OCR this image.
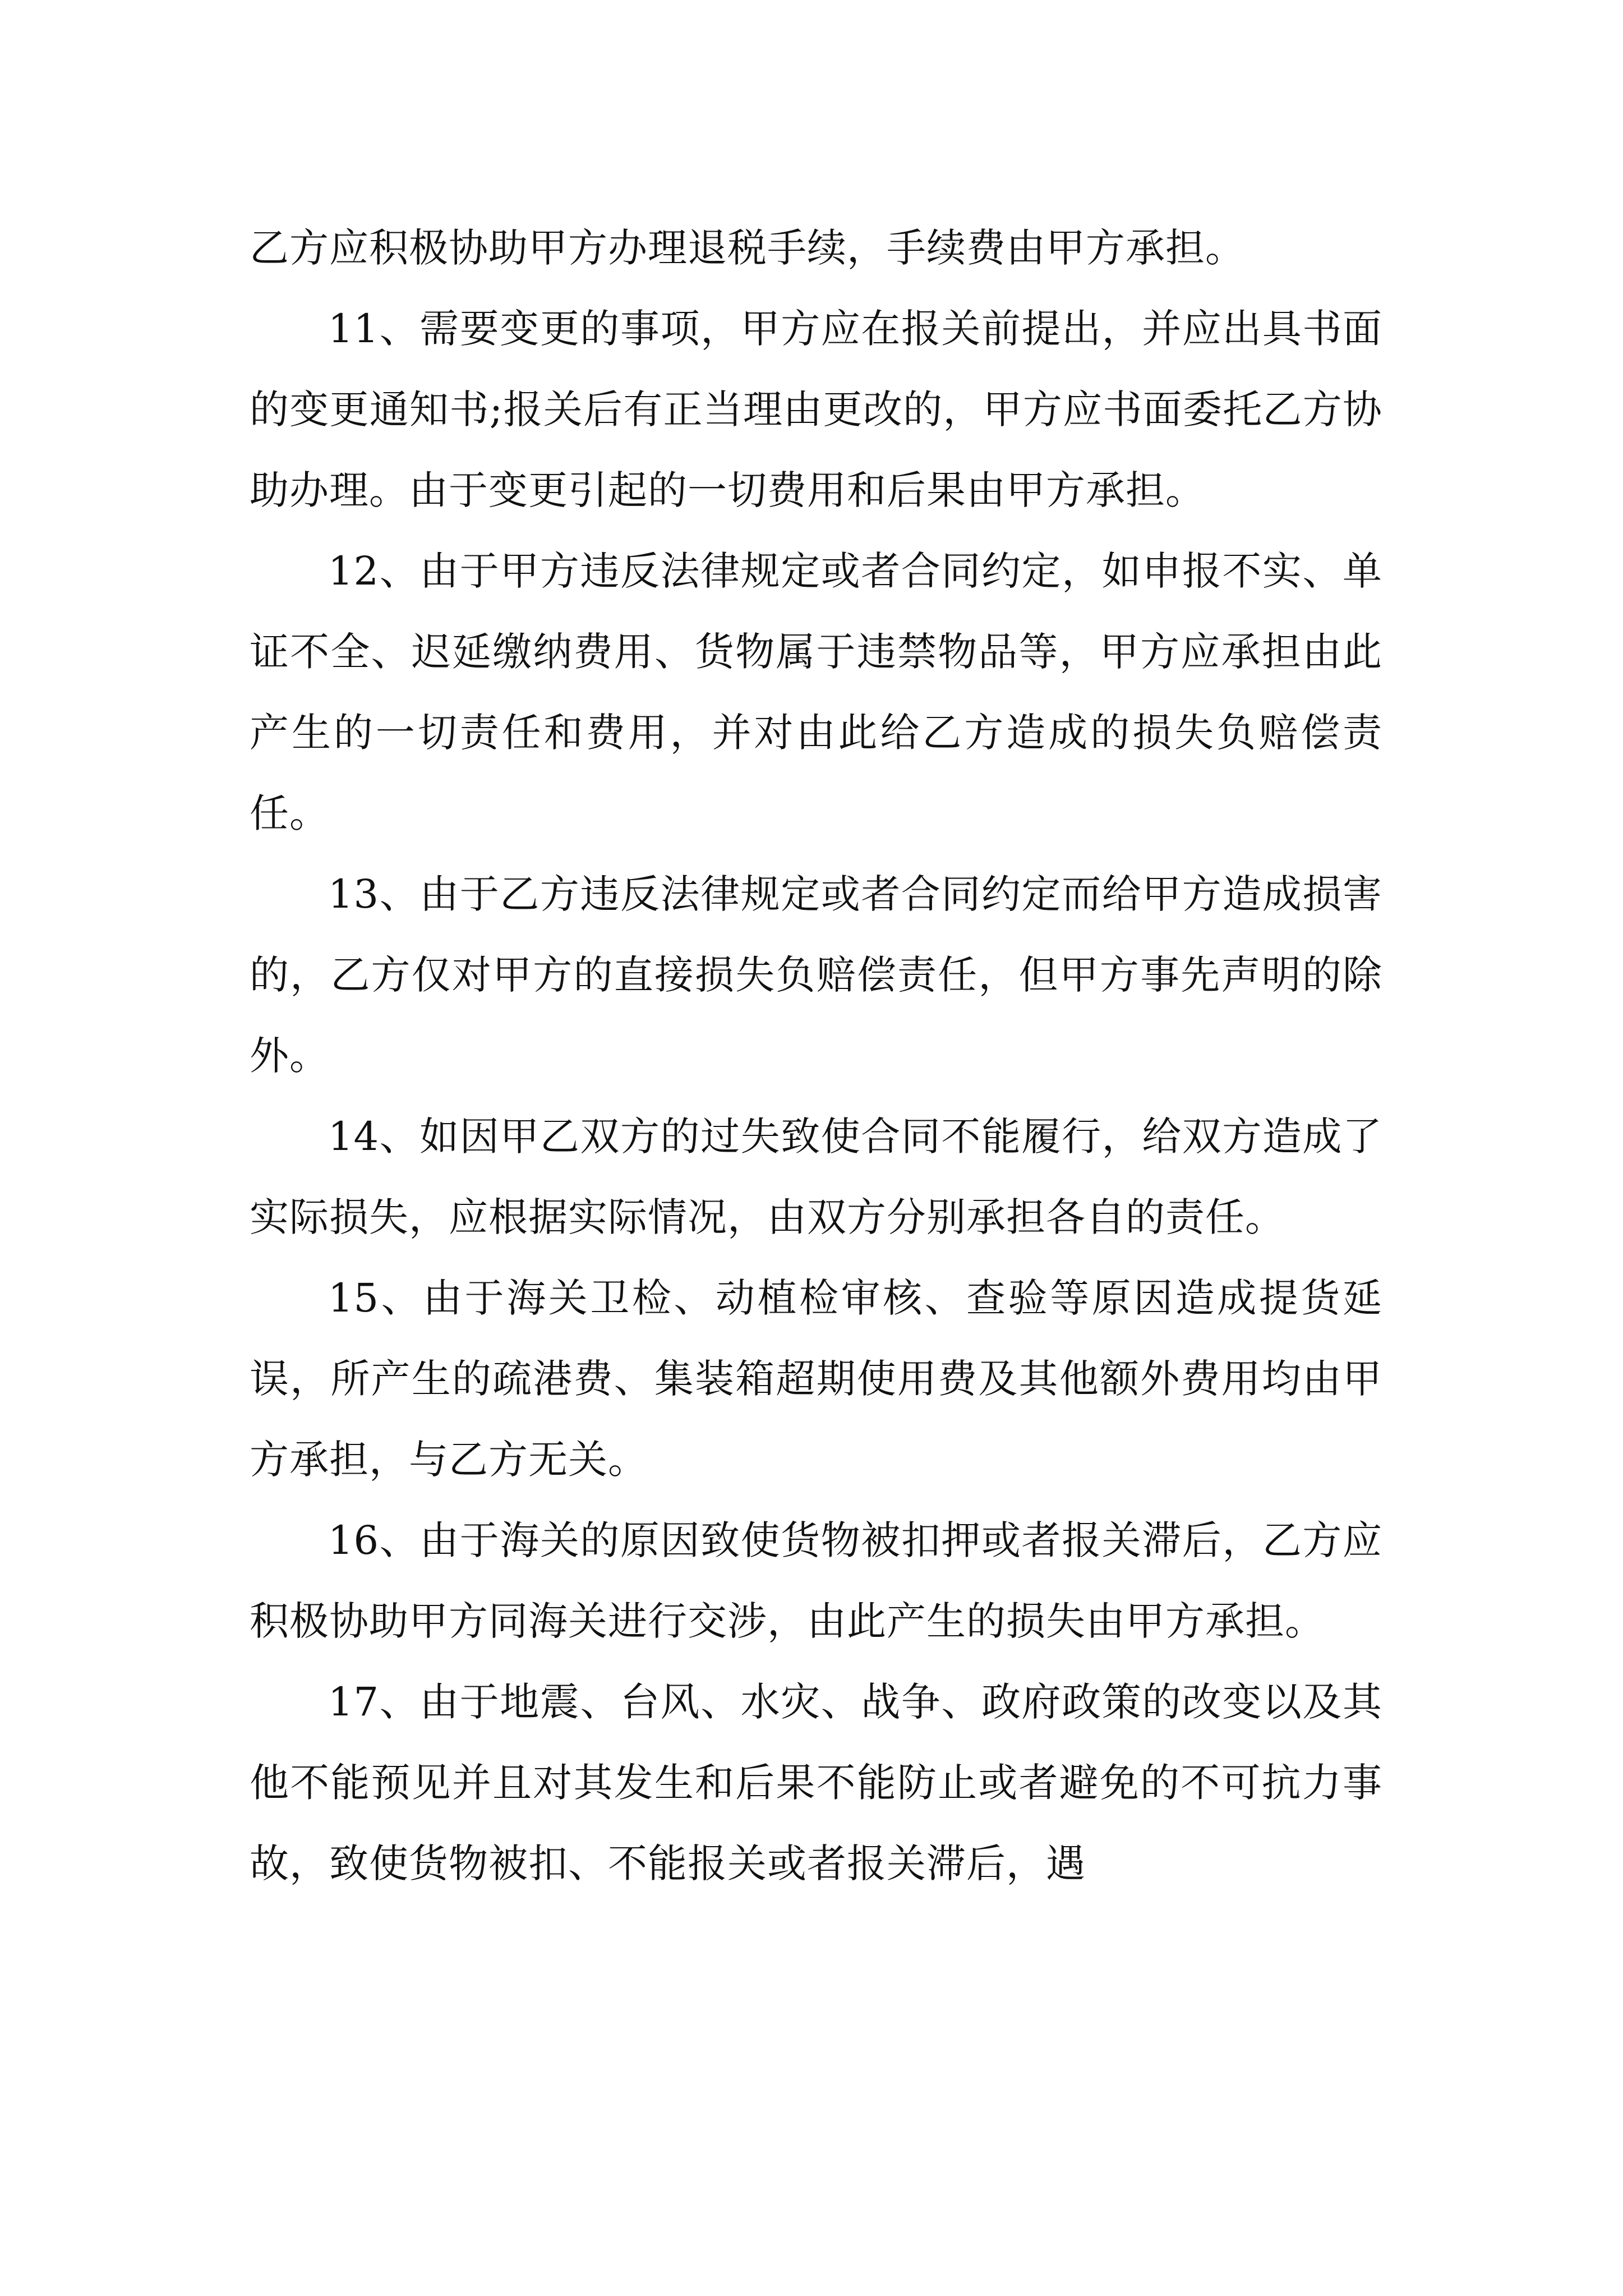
乙方应积极协助甲方办理退税手续，手续费由甲方承担。

11、需要变更的事项，甲方应在报关前提出，并应出具书面的变更通知书;报关后有正当理由更改的，甲方应书面委托乙方协助办理。由于变更引起的一切费用和后果由甲方承担。

12、由于甲方违反法律规定或者合同约定，如申报不实、单证不全、迟延缴纳费用、货物属于违禁物品等，甲方应承担由此产生的一切责任和费用，并对由此给乙方造成的损失负赔偿责任。

13、由于乙方违反法律规定或者合同约定而给甲方造成损害的，乙方仅对甲方的直接损失负赔偿责任，但甲方事先声明的除外。

14、如因甲乙双方的过失致使合同不能履行，给双方造成了实际损失，应根据实际情况，由双方分别承担各自的责任。

15、由于海关卫检、动植检审核、查验等原因造成提货延误，所产生的疏港费、集装箱超期使用费及其他额外费用均由甲方承担，与乙方无关。

16、由于海关的原因致使货物被扣押或者报关滞后，乙方应积极协助甲方同海关进行交涉，由此产生的损失由甲方承担。

17、由于地震、台风、水灾、战争、政府政策的改变以及其他不能预见并且对其发生和后果不能防止或者避免的不可抗力事故，致使货物被扣、不能报关或者报关滞后，遇
